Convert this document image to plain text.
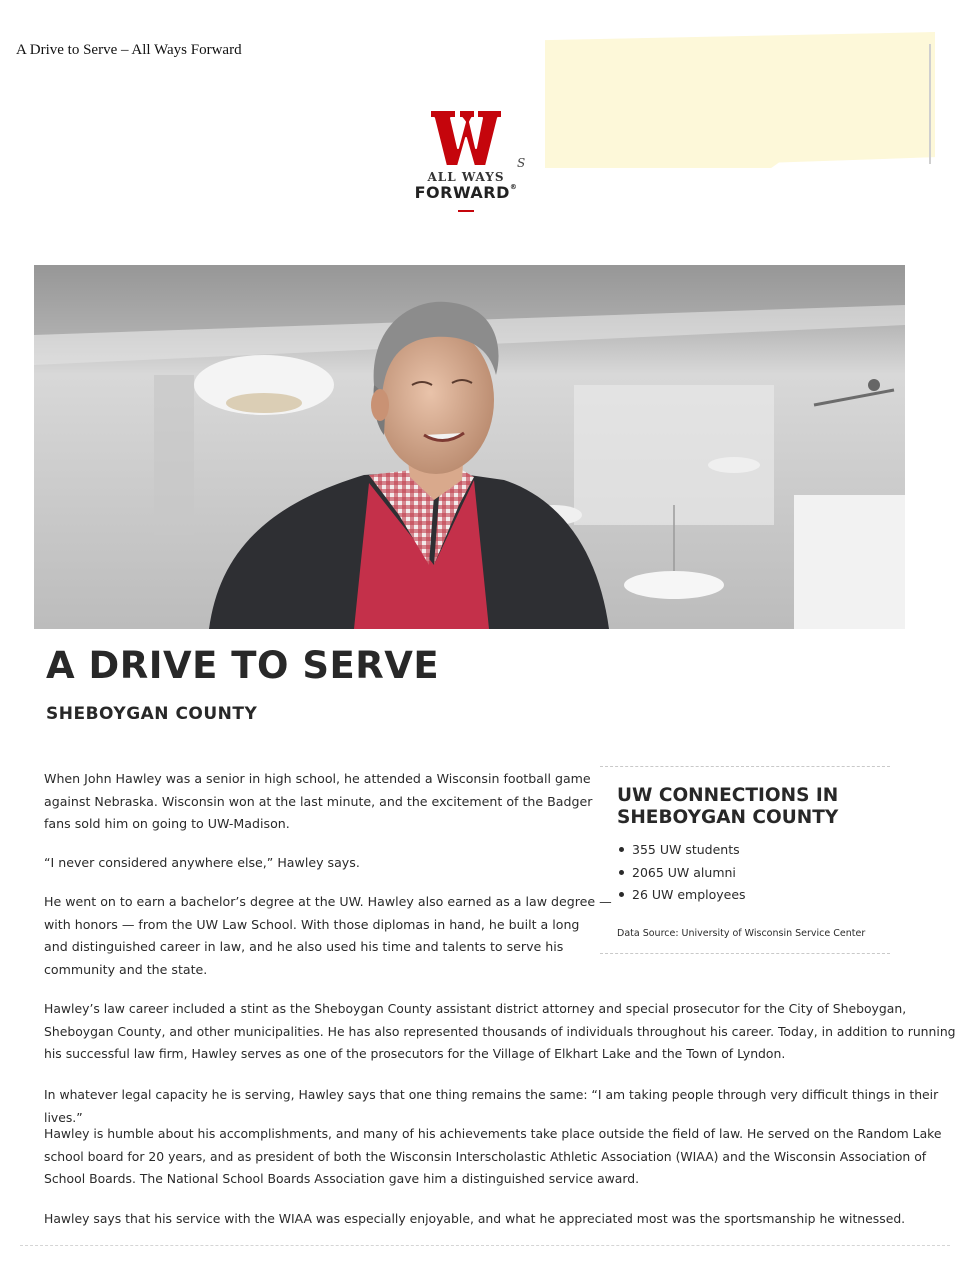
A Drive to Serve – All Ways Forward
ALL WAYS
FORWARD®
S
A DRIVE TO SERVE
SHEBOYGAN COUNTY

When John Hawley was a senior in high school, he attended a Wisconsin football game
against Nebraska. Wisconsin won at the last minute, and the excitement of the Badger
fans sold him on going to UW-Madison.

“I never considered anywhere else,” Hawley says.

He went on to earn a bachelor’s degree at the UW. Hawley also earned as a law degree —
with honors — from the UW Law School. With those diplomas in hand, he built a long
and distinguished career in law, and he also used his time and talents to serve his
community and the state.

Hawley’s law career included a stint as the Sheboygan County assistant district attorney and special prosecutor for the City of Sheboygan,
Sheboygan County, and other municipalities. He has also represented thousands of individuals throughout his career. Today, in addition to running
his successful law firm, Hawley serves as one of the prosecutors for the Village of Elkhart Lake and the Town of Lyndon.

In whatever legal capacity he is serving, Hawley says that one thing remains the same: “I am taking people through very difficult things in their lives.”

Hawley is humble about his accomplishments, and many of his achievements take place outside the field of law. He served on the Random Lake
school board for 20 years, and as president of both the Wisconsin Interscholastic Athletic Association (WIAA) and the Wisconsin Association of
School Boards. The National School Boards Association gave him a distinguished service award.

Hawley says that his service with the WIAA was especially enjoyable, and what he appreciated most was the sportsmanship he witnessed.

UW CONNECTIONS IN
SHEBOYGAN COUNTY
355 UW students
2065 UW alumni
26 UW employees

Data Source: University of Wisconsin Service Center
